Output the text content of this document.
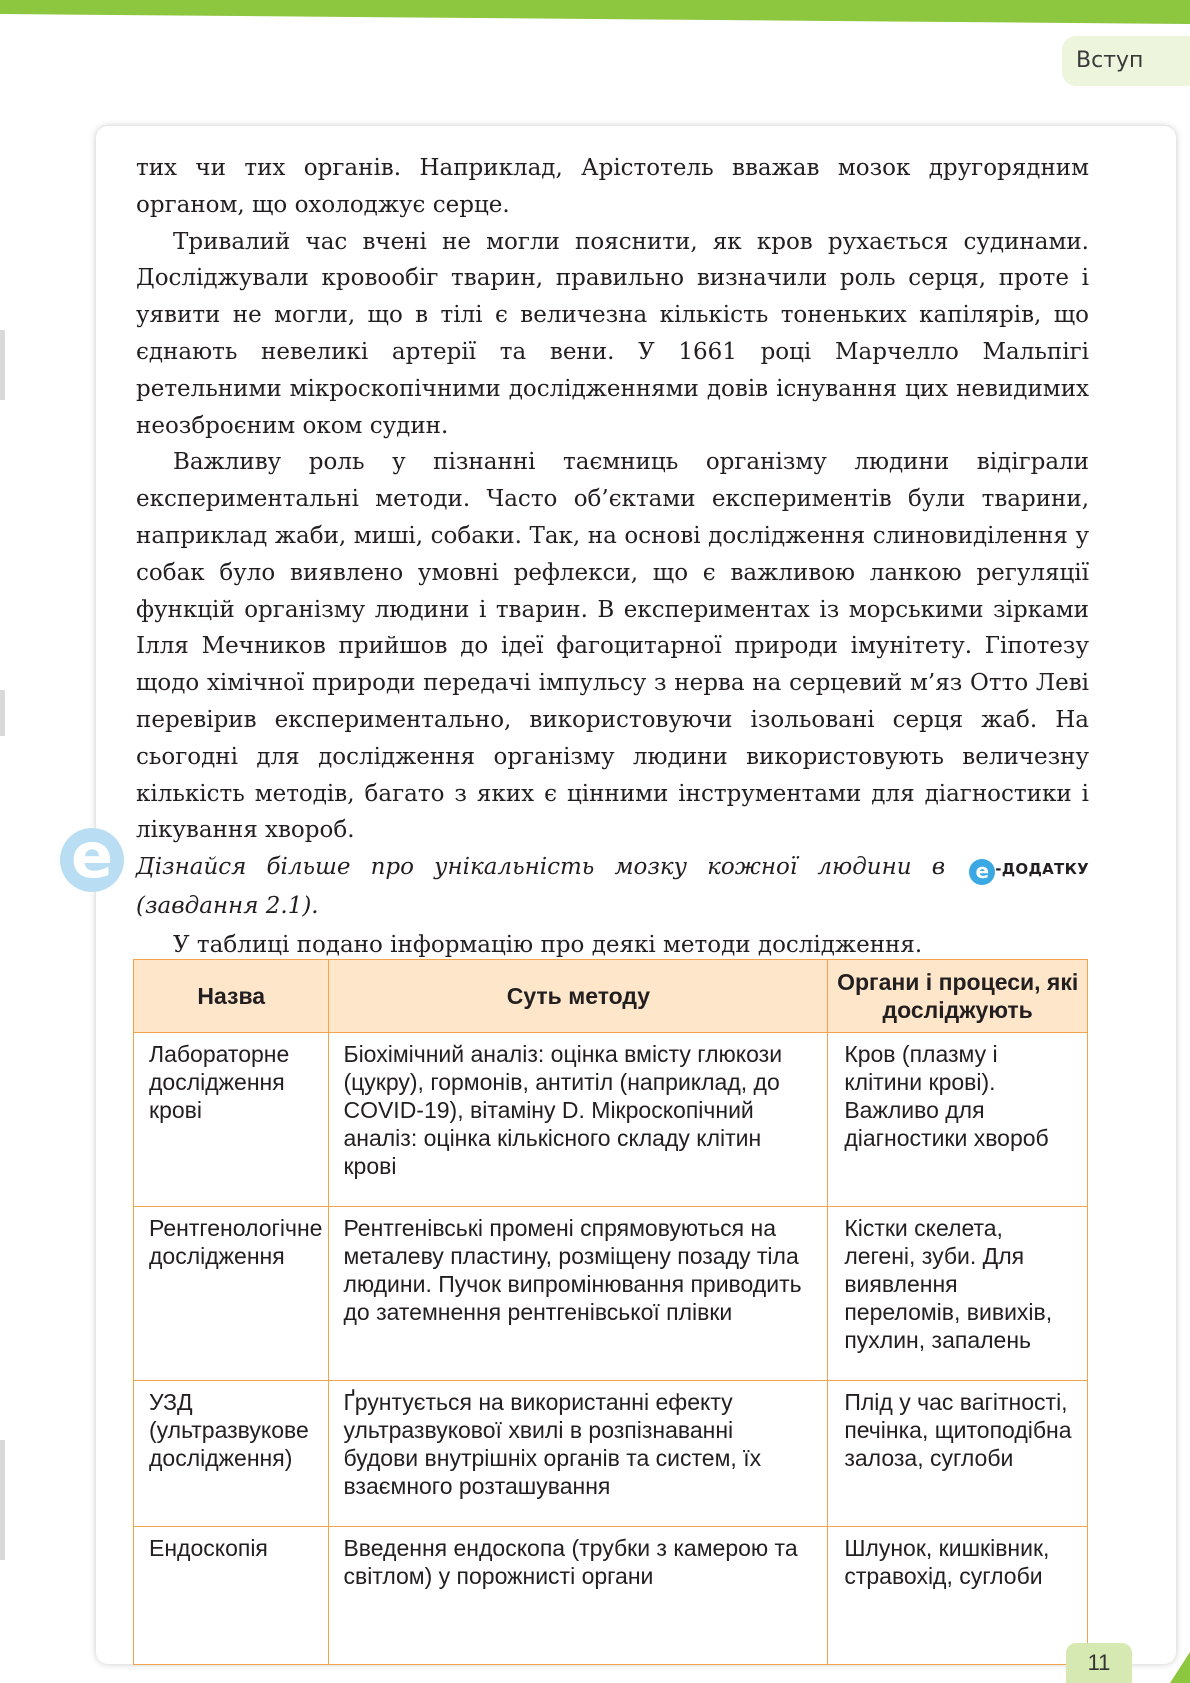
Вступ
e

тих чи тих органів. Наприклад, Арістотель вважав мозок другорядним органом, що охолоджує серце.

Тривалий час вчені не могли пояснити, як кров рухається судинами. Досліджували кровообіг тварин, правильно визначили роль серця, проте і уявити не могли, що в тілі є величезна кількість тоненьких капілярів, що єднають невеликі артерії та вени. У 1661 році Марчелло Мальпігі ретельними мікроскопічними дослідженнями довів існування цих невидимих неозброєним оком судин.

Важливу роль у пізнанні таємниць організму людини відіграли експериментальні методи. Часто об’єктами експериментів були тварини, наприклад жаби, миші, собаки. Так, на основі дослідження слиновиділення у собак було виявлено умовні рефлекси, що є важливою ланкою регуляції функцій організму людини і тварин. В експериментах із морськими зірками Ілля Мечников прийшов до ідеї фагоцитарної природи імунітету. Гіпотезу щодо хімічної природи передачі імпульсу з нерва на серцевий м’яз Отто Леві перевірив експериментально, використовуючи ізольовані серця жаб. На сьогодні для дослідження організму людини використовують величезну кількість методів, багато з яких є цінними інструментами для діагностики і лікування хвороб.

Дізнайся більше про унікальність мозку кожної людини в e -ДОДАТКУ (завдання 2.1).

У таблиці подано інформацію про деякі методи дослідження.

Назва	Суть методу	Органи і процеси, які досліджують
Лабораторне дослідження крові	Біохімічний аналіз: оцінка вмісту глюкози (цукру), гормонів, антитіл (наприклад, до COVID-19), вітаміну D. Мікроскопічний аналіз: оцінка кількісного складу клітин крові	Кров (плазму і клітини крові). Важливо для діагностики хвороб
Рентгенологічне дослідження	Рентгенівські промені спрямовуються на металеву пластину, розміщену позаду тіла людини. Пучок випромінювання приводить до затемнення рентгенівської плівки	Кістки скелета, легені, зуби. Для виявлення переломів, вивихів, пухлин, запалень
УЗД (ультразвукове дослідження)	Ґрунтується на використанні ефекту ультразвукової хвилі в розпізнаванні будови внутрішніх органів та систем, їх взаємного розташування	Плід у час вагітності, печінка, щитоподібна залоза, суглоби
Ендоскопія	Введення ендоскопа (трубки з камерою та світлом) у порожнисті органи	Шлунок, кишківник, стравохід, суглоби
11
